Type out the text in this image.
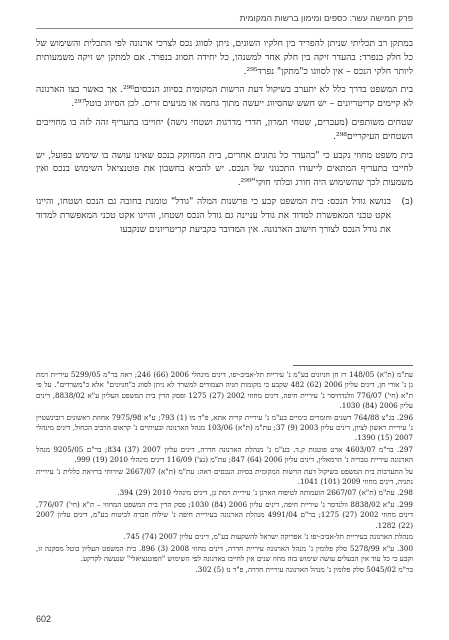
פרק חמישה עשר: כספים ומימון ברשות המקומית

במתקן רב תכליתי שניתן להפריד בין חלקיו השונים, ניתן לסווג נכס לצרכי ארנונה לפי התכלית והשימוש של כל חלק בנפרד: בהעדר זיקה בין חלק אחד למשנהו, כל יחידה תסווג בנפרד. אם למתקן יש זיקה משמעותית ליותר חלקי הנכס – אין לסווגו כ"מתקן" נפרד²⁹⁵.

בית המשפט בדרך כלל לא יתערב בשיקול דעת הרשות המקומית בסיווג הנכסים²⁹⁶. אך כאשר בצו הארנונה לא קיימים קריטריונים – יש חשש שהסיווג ייעשה מתוך גחמה או מניעים זרים. לכן הסיווג בוטל²⁹⁷.

שטחים משותפים (מעברים, שטחי תמרון, חדרי מדרגות ושטחי גישה) יחוייבו בתעריף זהה לזה בו מחוייבים השטחים העיקריים²⁹⁸.

בית משפט מחוזי נקבע כי "בהעדר כל נתונים אחרים, בית המחוקק בנכס שאינו עושה בו שימוש בפועל, יש לחייבו בתעריף המתאים לייעודו התכנוני של הנכס. יש להביא בחשבון את פוטנציאל השימוש בנכס ואין משמעות לכך שהשימוש היה חורג ובלתי חוקי"²⁹⁹.

(ב)
בנושא גודל הנכס: בית המשפט קבע כי פרשנות המלה "גודל" טומנת בחובה גם הנכס ושטחו, והיינו אקט טכני המאפשרת למדוד את גודל עניינה גם גודל הנכס ושטחו, והיינו אקט טכני המאפשרת למדוד את גודל הנכס לצורך חישוב הארנונה. אין המדובר בקביעת קריטריונים שנקבעו

עת"מ (ת"א) 148/05 רז חן חניונים בע"מ נ' עיריית תל-אביב-יפו, דינים מינהלי 2006 (66) 246; ראה בר"מ 5299/05 עיריית רמת גן נ' אורי חן, דינים עליון 2006 (62) 482 שקבע כי מקומות חניה הצמודים למשרד לא ניתן לסווג כ"חניונים" אלא כ"משרדים". על פי ת"א (חי') 776/07 וולנדחיסר נ' עיריית חיפה, דינים מחוזי 2002 (27) 1275 ופסק הדין בית המשפט העליון ע"א 8838/02, דינים עליון 2006 (84) 1030.

296. בג"צ 764/88 דשנים וחומרים כימיים בע"מ נ' עיריית קרית אתא, פ"ד מו (1) 793; ע"א 7975/98 אחוזת ראשונים רובינשטיין נ' עיריית ראשון לציון, דינים עליון 2003 (9) 37; עת"מ (ת"א) 103/06 מנהל הארנונה ובעיתיים נ' קראוס הרביב הכחול, דינים מינהלי 2007 (15) 1390.

297. בר"מ 4603/07 ארט פוטנות ק.ד. בע"מ נ' מנהלת הארנונה חדרה, דינים עליון 2007 (37) 834; בר"ם 9205/05 מנהל הארנונה עיריית טבריה נ' הרמאלין, דינים עליון 2006 (64) 847; עת"מ (נצ') 116/09 דינים מינהלי 2010 (19) 999.

על התערבות בית המשפט בשיקול דעת הרשות המקומית בסיווג הנכסים ראה: עת"מ (ת"א) 2667/07 שירותי ברזיאת כללית נ' עיריית נתניה, דינים מחוזי 2009 (101) 1041.

298. עת"מ (ת"א) 2667/07 הועמותה לטיפוח הארגן נ' עיריית רמת גן, דינים מינהלי 2010 (29) 394.

299. ע"א 8838/02 וולנדסר נ' עיריית חיפה, דינים עליון 2006 (84) 1030; פסק הדין בית המשפט המחוזי – ת"א (חי') 776/07, דינים מחוזי 2002 (27) 1275; בר"ם 4991/04 מנהלת הארנונה בעיריית חיפה נ' שילוח חברה לביטוח בע"מ, דינים עליון 2007 (22) 1282.

מנהלת הארנונה בעיריית תל-אביב-יפו נ' אפריקה ישראל להשקעות בע"מ, דינים עליון 2007 (74) 745.

300. ע"א 5278/99 סלק פלומין נ' מנהל הארנונה עיריית חדרה, דינים מחוזי 2008 (3) 896. בית המשפט העליון בוטל מסקנה זו, וקבע כי כל עוד אין הבעלים עושה שימוש בזה מחוז שנים אין לחייבו בארנונה לפי השימוש "הפוטנציאלי" שנעשה לקרקע.

בר"מ 5045/02 סלק פלומין נ' מנהל הארנונה עיריית חדרה, פ"ד נז (5) 302.

602
